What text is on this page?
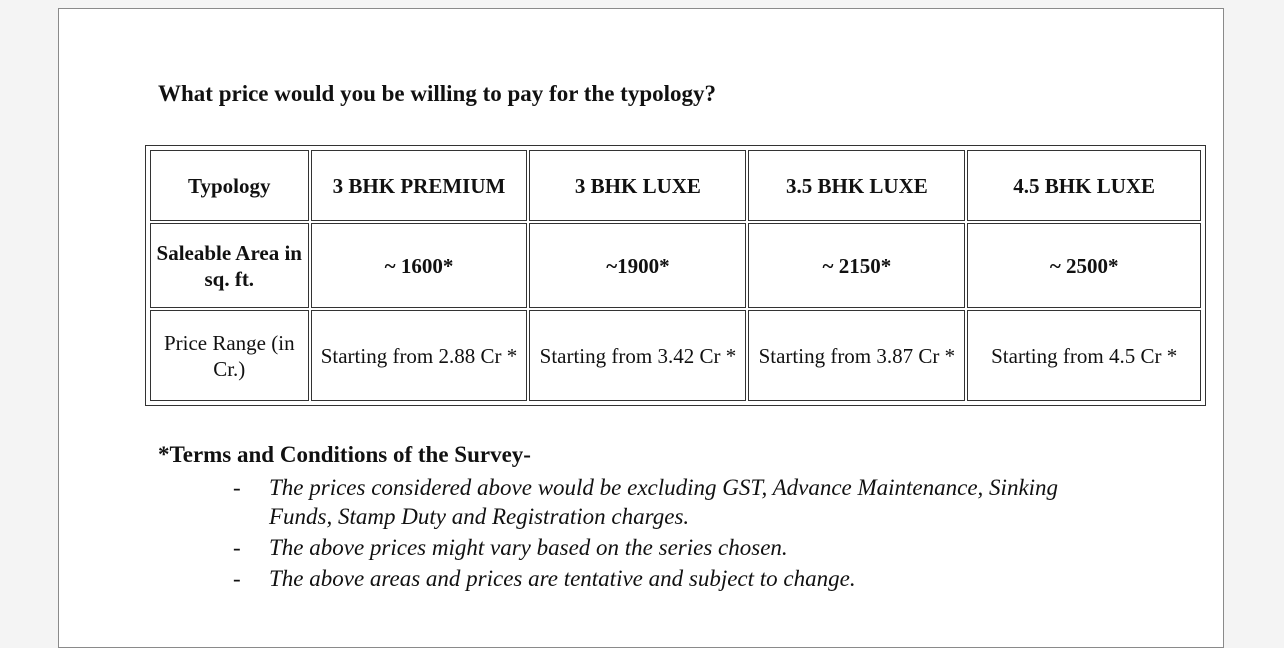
What price would you be willing to pay for the typology?

Typology	3 BHK PREMIUM	3 BHK LUXE	3.5 BHK LUXE	4.5 BHK LUXE
Saleable Area in sq. ft.	~ 1600*	~1900*	~ 2150*	~ 2500*
Price Range (in Cr.)	Starting from 2.88 Cr *	Starting from 3.42 Cr *	Starting from 3.87 Cr *	Starting from 4.5 Cr *

*Terms and Conditions of the Survey-

- The prices considered above would be excluding GST, Advance Maintenance, Sinking Funds, Stamp Duty and Registration charges.
- The above prices might vary based on the series chosen.
- The above areas and prices are tentative and subject to change.
